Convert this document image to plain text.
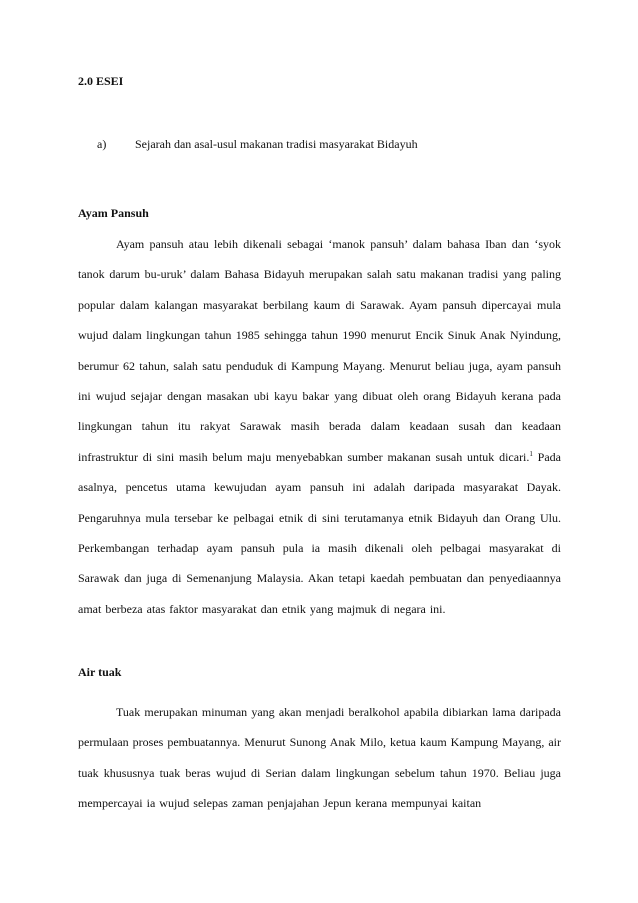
2.0 ESEI
a) Sejarah dan asal-usul makanan tradisi masyarakat Bidayuh
Ayam Pansuh

Ayam pansuh atau lebih dikenali sebagai ‘manok pansuh’ dalam bahasa Iban dan ‘syok tanok darum bu-uruk’ dalam Bahasa Bidayuh merupakan salah satu makanan tradisi yang paling popular dalam kalangan masyarakat berbilang kaum di Sarawak. Ayam pansuh dipercayai mula wujud dalam lingkungan tahun 1985 sehingga tahun 1990 menurut Encik Sinuk Anak Nyindung, berumur 62 tahun, salah satu penduduk di Kampung Mayang. Menurut beliau juga, ayam pansuh ini wujud sejajar dengan masakan ubi kayu bakar yang dibuat oleh orang Bidayuh kerana pada lingkungan tahun itu rakyat Sarawak masih berada dalam keadaan susah dan keadaan infrastruktur di sini masih belum maju menyebabkan sumber makanan susah untuk dicari.$^1$ Pada asalnya, pencetus utama kewujudan ayam pansuh ini adalah daripada masyarakat Dayak. Pengaruhnya mula tersebar ke pelbagai etnik di sini terutamanya etnik Bidayuh dan Orang Ulu. Perkembangan terhadap ayam pansuh pula ia masih dikenali oleh pelbagai masyarakat di Sarawak dan juga di Semenanjung Malaysia. Akan tetapi kaedah pembuatan dan penyediaannya amat berbeza atas faktor masyarakat dan etnik yang majmuk di negara ini.

Air tuak

Tuak merupakan minuman yang akan menjadi beralkohol apabila dibiarkan lama daripada permulaan proses pembuatannya. Menurut Sunong Anak Milo, ketua kaum Kampung Mayang, air tuak khususnya tuak beras wujud di Serian dalam lingkungan sebelum tahun 1970. Beliau juga mempercayai ia wujud selepas zaman penjajahan Jepun kerana mempunyai kaitan
